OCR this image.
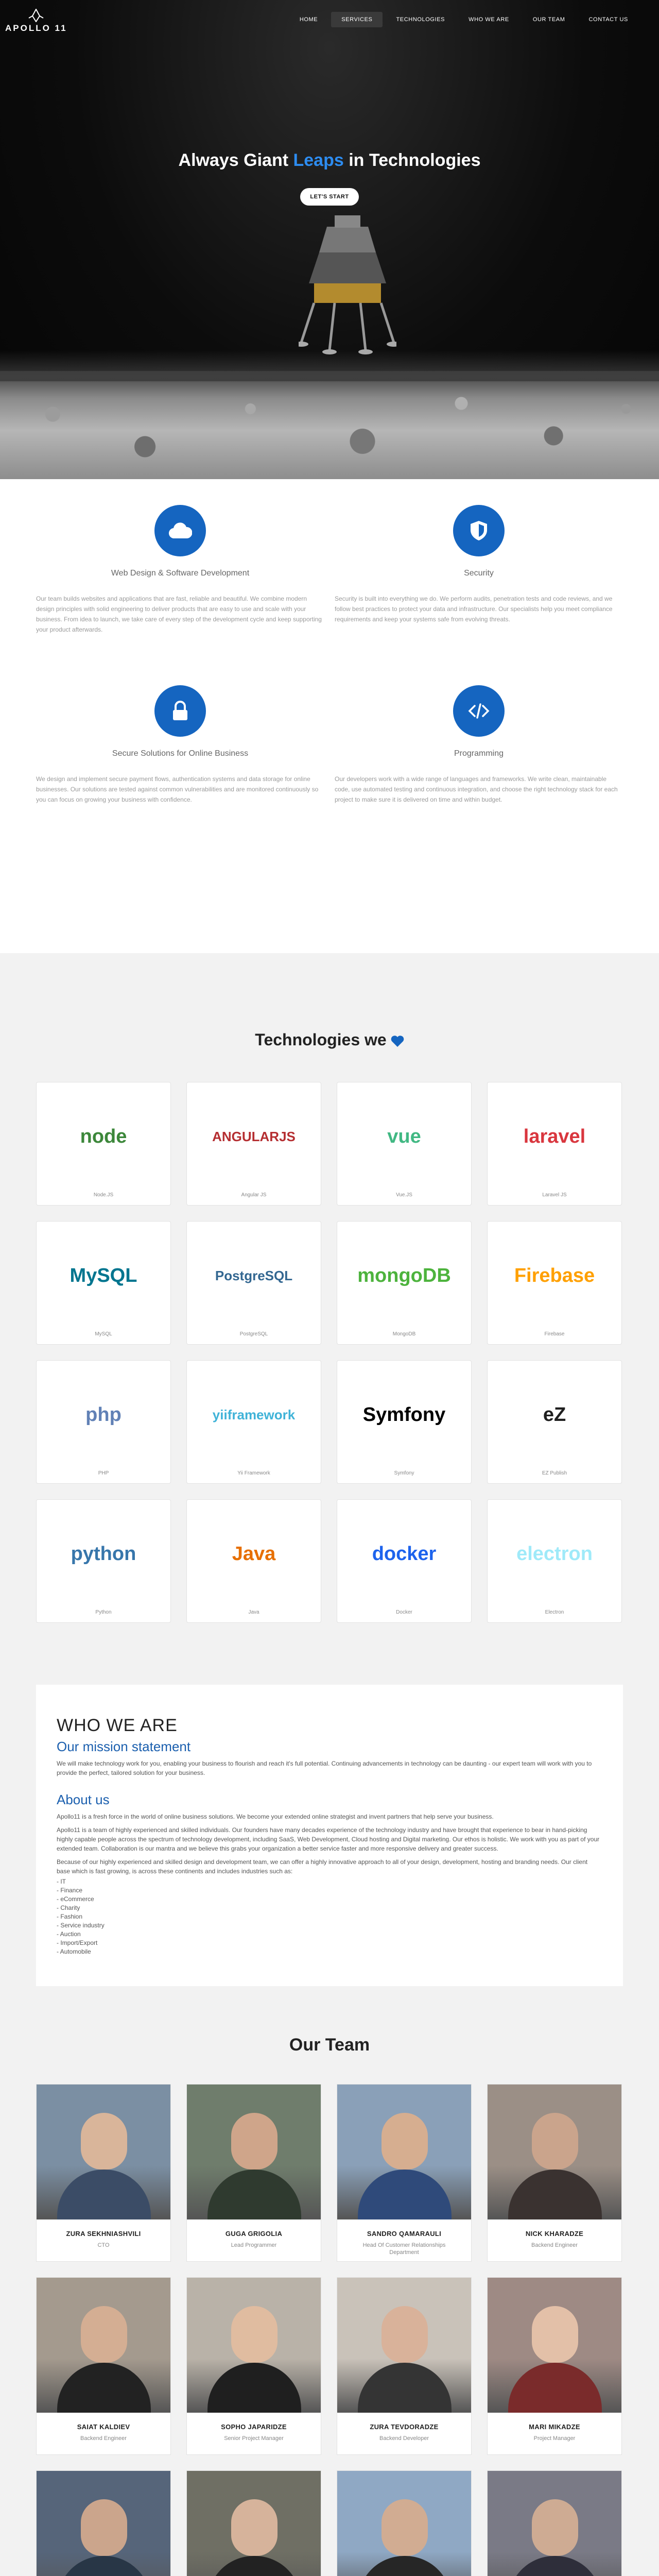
APOLLO 11
HOME	SERVICES	TECHNOLOGIES	WHO WE ARE	OUR TEAM	CONTACT US
Always Giant Leaps in Technologies
LET'S START
Web Design & Software Development
Our team builds websites and applications that are fast, reliable and beautiful. We combine modern design principles with solid engineering to deliver products that are easy to use and scale with your business. From idea to launch, we take care of every step of the development cycle and keep supporting your product afterwards.
Security
Security is built into everything we do. We perform audits, penetration tests and code reviews, and we follow best practices to protect your data and infrastructure. Our specialists help you meet compliance requirements and keep your systems safe from evolving threats.
Secure Solutions for Online Business
We design and implement secure payment flows, authentication systems and data storage for online businesses. Our solutions are tested against common vulnerabilities and are monitored continuously so you can focus on growing your business with confidence.
Programming
Our developers work with a wide range of languages and frameworks. We write clean, maintainable code, use automated testing and continuous integration, and choose the right technology stack for each project to make sure it is delivered on time and within budget.
Technologies we
node
Node.JS
ANGULARJS
Angular JS
vue
Vue.JS
laravel
Laravel JS
MySQL
MySQL
PostgreSQL
PostgreSQL
mongoDB
MongoDB
Firebase
Firebase
php
PHP
yiiframework
Yii Framework
Symfony
Symfony
eZ
EZ Publish
python
Python
Java
Java
docker
Docker
electron
Electron
WHO WE ARE
Our mission statement

We will make technology work for you, enabling your business to flourish and reach it's full potential. Continuing advancements in technology can be daunting - our expert team will work with you to provide the perfect, tailored solution for your business.

About us

Apollo11 is a fresh force in the world of online business solutions. We become your extended online strategist and invent partners that help serve your business.

Apollo11 is a team of highly experienced and skilled individuals. Our founders have many decades experience of the technology industry and have brought that experience to bear in hand-picking highly capable people across the spectrum of technology development, including SaaS, Web Development, Cloud hosting and Digital marketing. Our ethos is holistic. We work with you as part of your extended team. Collaboration is our mantra and we believe this grabs your organization a better service faster and more responsive delivery and greater success.

Because of our highly experienced and skilled design and development team, we can offer a highly innovative approach to all of your design, development, hosting and branding needs. Our client base which is fast growing, is across these continents and includes industries such as:

- IT
- Finance
- eCommerce
- Charity
- Fashion
- Service industry
- Auction
- Import/Export
- Automobile
Our Team
ZURA SEKHNIASHVILI
CTO
GUGA GRIGOLIA
Lead Programmer
SANDRO QAMARAULI
Head Of Customer Relationships Department
NICK KHARADZE
Backend Engineer
SAIAT KALDIEV
Backend Engineer
SOPHO JAPARIDZE
Senior Project Manager
ZURA TEVDORADZE
Backend Developer
MARI MIKADZE
Project Manager
